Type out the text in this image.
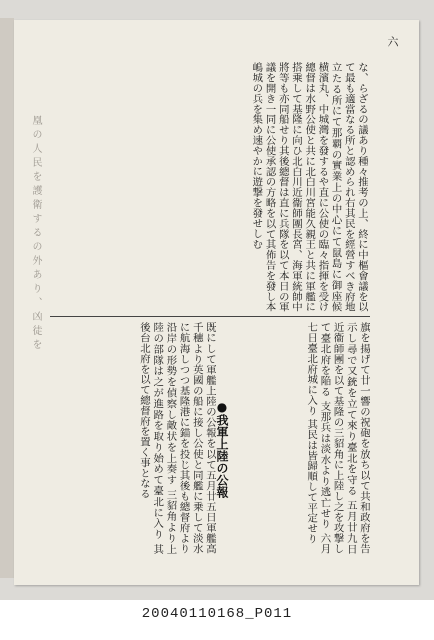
六
凰の人民を護衛するの外あり、凶徒を	な、らざるの議あり種々推考の上、終に中樞會議を以て最も適當なる所と認められ右其民を經營すべき府地立たる所にて那覇の實業上の中心にて鼠島に御座候 横濱丸、中城灣を發するや直に公使の臨々指揮を受け總督は水野公使と共に北白川宮能久親王と共に軍艦に搭乘して基隆に向ひ北白川近衞師團長宮、海軍統帥中將等も亦同船せり其後總督は直に兵隊を以て本日の軍議を開き一同に公使承認の方略を以て其佈告を發し本嶋城の兵を集め速やかに遊撃を發せしむ
旗を揚げて廿一響の祝砲を放ち以て共和政府を告示し尋で又銃を立て來り臺北を守る 五月廿九日近衞師團を以て基隆の三貂角に上陸し之を攻撃して臺北府を陥る 支那兵は淡水より逃亡せり 六月七日臺北府城に入り 其民は皆歸順して平定せり
●我軍上陸の公報
既にして軍艦上陸の公報を以て五月廿五日軍艦高千穗より英國の船に接し公使と同艦に乗して淡水に航海しつつ基隆港に錨を投じ其後も總督府より沿岸の形勢を偵察し敵状を上奏す 三貂角より上陸の部隊は之が進路を取り始めて臺北に入り 其後台北府を以て總督府を置く事となる
20040110168_P011
